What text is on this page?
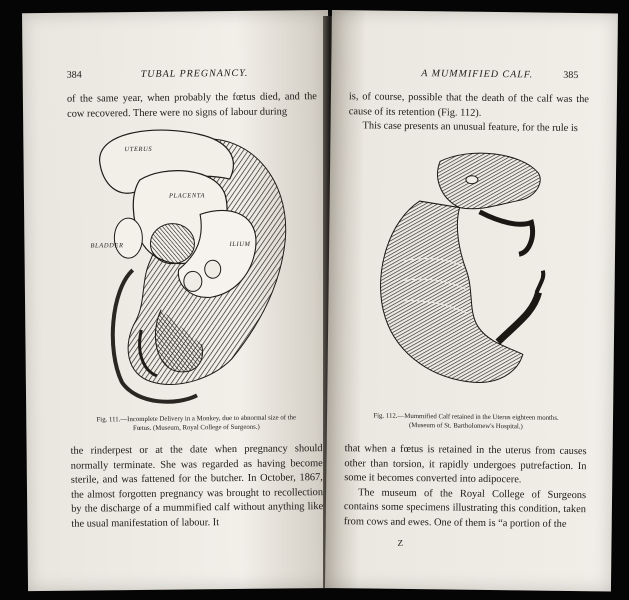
384	TUBAL PREGNANCY.

of the same year, when probably the fœtus died, and the cow recovered. There were no signs of labour during

UTERUS
PLACENTA
BLADDER	ILIUM
Fig. 111.—Incomplete Delivery in a Monkey, due to abnormal size of the
Fœtus. (Museum, Royal College of Surgeons.)

the rinderpest or at the date when pregnancy should normally terminate. She was regarded as having become sterile, and was fattened for the butcher. In October, 1867, the almost forgotten pregnancy was brought to recollection by the discharge of a mummified calf without anything like the usual manifestation of labour. It

A MUMMIFIED CALF.	385

is, of course, possible that the death of the calf was the cause of its retention (Fig. 112).

This case presents an unusual feature, for the rule is

Fig. 112.—Mummified Calf retained in the Uterus eighteen months.
(Museum of St. Bartholomew's Hospital.)

that when a fœtus is retained in the uterus from causes other than torsion, it rapidly undergoes putrefaction. In some it becomes converted into adipocere.

The museum of the Royal College of Surgeons contains some specimens illustrating this condition, taken from cows and ewes. One of them is “a portion of the

Z
